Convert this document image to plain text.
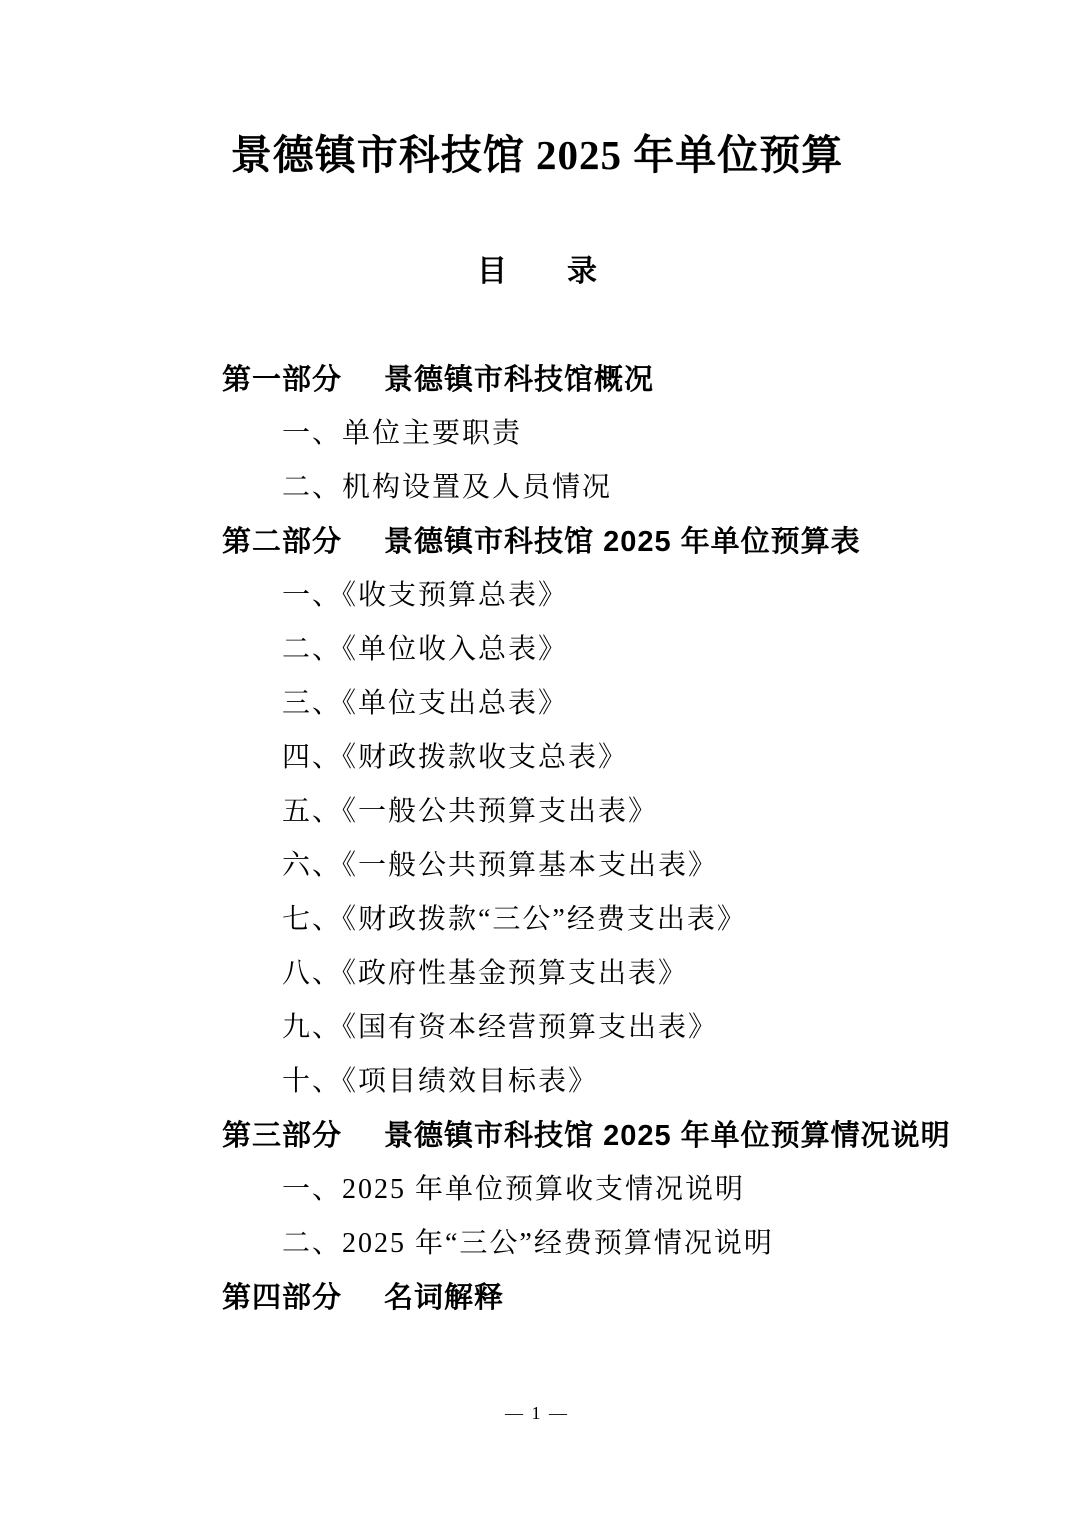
景德镇市科技馆 2025 年单位预算
目　　录
第一部分 景德镇市科技馆概况
一、单位主要职责
二、机构设置及人员情况
第二部分 景德镇市科技馆 2025 年单位预算表
一、《收支预算总表》
二、《单位收入总表》
三、《单位支出总表》
四、《财政拨款收支总表》
五、《一般公共预算支出表》
六、《一般公共预算基本支出表》
七、《财政拨款“三公”经费支出表》
八、《政府性基金预算支出表》
九、《国有资本经营预算支出表》
十、《项目绩效目标表》
第三部分 景德镇市科技馆 2025 年单位预算情况说明
一、2025 年单位预算收支情况说明
二、2025 年“三公”经费预算情况说明
第四部分 名词解释
— 1 —
